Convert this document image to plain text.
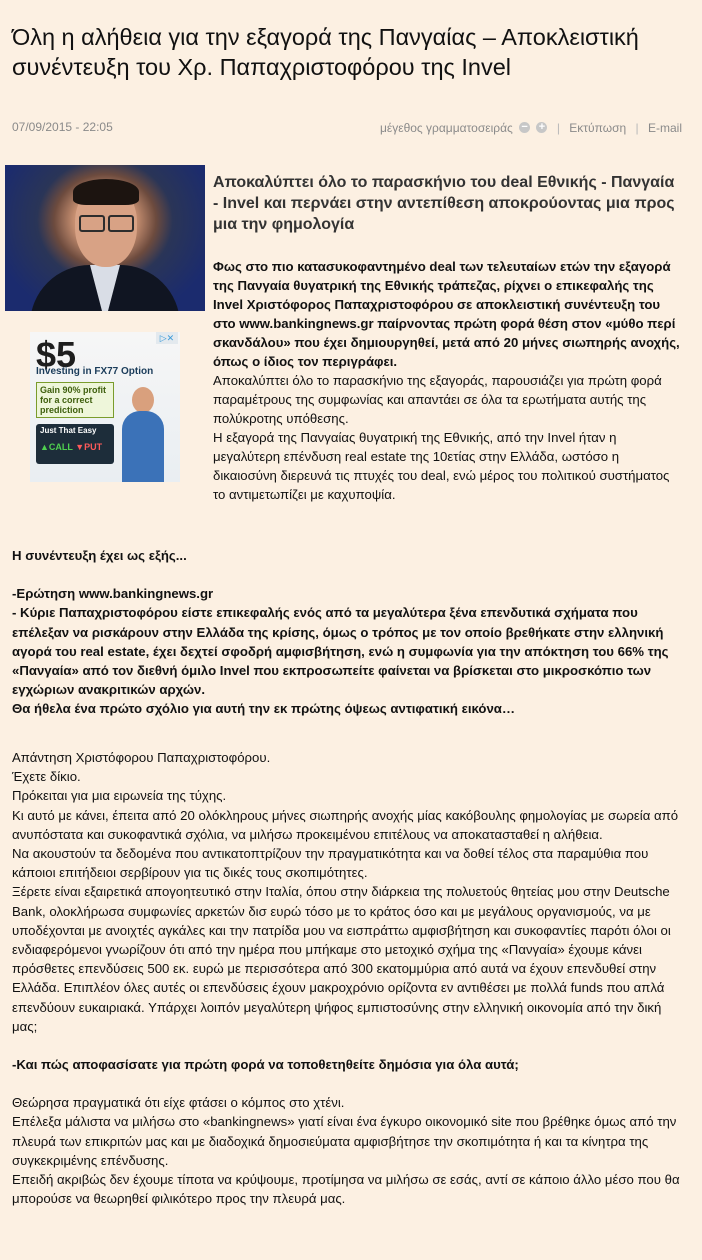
Όλη η αλήθεια για την εξαγορά της Πανγαίας – Αποκλειστική συνέντευξη του Χρ. Παπαχριστοφόρου της Invel
07/09/2015 - 22:05	μέγεθος γραμματοσειράς − + | Εκτύπωση | E-mail
$5	▷✕
Investing in FX77 Option
Gain 90% profit for a correct prediction
Just That Easy
▲CALL ▼PUT
Αποκαλύπτει όλο το παρασκήνιο του deal Εθνικής - Πανγαία - Invel και περνάει στην αντεπίθεση αποκρούοντας μια προς μια την φημολογία
Φως στο πιο κατασυκοφαντημένο deal των τελευταίων ετών την εξαγορά της Πανγαία θυγατρική της Εθνικής τράπεζας, ρίχνει ο επικεφαλής της Invel Χριστόφορος Παπαχριστοφόρου σε αποκλειστική συνέντευξη του στο www.bankingnews.gr παίρνοντας πρώτη φορά θέση στον «μύθο περί σκανδάλου» που έχει δημιουργηθεί, μετά από 20 μήνες σιωπηρής ανοχής, όπως ο ίδιος τον περιγράφει.
Αποκαλύπτει όλο το παρασκήνιο της εξαγοράς, παρουσιάζει για πρώτη φορά παραμέτρους της συμφωνίας και απαντάει σε όλα τα ερωτήματα αυτής της πολύκροτης υπόθεσης.
Η εξαγορά της Πανγαίας θυγατρική της Εθνικής, από την Invel ήταν η μεγαλύτερη επένδυση real estate της 10ετίας στην Ελλάδα, ωστόσο η δικαιοσύνη διερευνά τις πτυχές του deal, ενώ μέρος του πολιτικού συστήματος το αντιμετωπίζει με καχυποψία.

Η συνέντευξη έχει ως εξής...

-Ερώτηση www.bankingnews.gr

- Κύριε Παπαχριστοφόρου είστε επικεφαλής ενός από τα μεγαλύτερα ξένα επενδυτικά σχήματα που επέλεξαν να ρισκάρουν στην Ελλάδα της κρίσης, όμως ο τρόπος με τον οποίο βρεθήκατε στην ελληνική αγορά του real estate, έχει δεχτεί σφοδρή αμφισβήτηση, ενώ η συμφωνία για την απόκτηση του 66% της «Πανγαία» από τον διεθνή όμιλο Invel που εκπροσωπείτε φαίνεται να βρίσκεται στο μικροσκόπιο των εγχώριων ανακριτικών αρχών.

Θα ήθελα ένα πρώτο σχόλιο για αυτή την εκ πρώτης όψεως αντιφατική εικόνα…

Απάντηση Χριστόφορου Παπαχριστοφόρου.

Έχετε δίκιο.

Πρόκειται για μια ειρωνεία της τύχης.

Κι αυτό με κάνει, έπειτα από 20 ολόκληρους μήνες σιωπηρής ανοχής μίας κακόβουλης φημολογίας με σωρεία από ανυπόστατα και συκοφαντικά σχόλια, να μιλήσω προκειμένου επιτέλους να αποκατασταθεί η αλήθεια.

Να ακουστούν τα δεδομένα που αντικατοπτρίζουν την πραγματικότητα και να δοθεί τέλος στα παραμύθια που κάποιοι επιτήδειοι σερβίρουν για τις δικές τους σκοπιμότητες.

Ξέρετε είναι εξαιρετικά απογοητευτικό στην Ιταλία, όπου στην διάρκεια της πολυετούς θητείας μου στην Deutsche Bank, ολοκλήρωσα συμφωνίες αρκετών δισ ευρώ τόσο με το κράτος όσο και με μεγάλους οργανισμούς, να με υποδέχονται με ανοιχτές αγκάλες και την πατρίδα μου να εισπράττω αμφισβήτηση και συκοφαντίες παρότι όλοι οι ενδιαφερόμενοι γνωρίζουν ότι από την ημέρα που μπήκαμε στο μετοχικό σχήμα της «Πανγαία» έχουμε κάνει πρόσθετες επενδύσεις 500 εκ. ευρώ με περισσότερα από 300 εκατομμύρια από αυτά να έχουν επενδυθεί στην Ελλάδα. Επιπλέον όλες αυτές οι επενδύσεις έχουν μακροχρόνιο ορίζοντα εν αντιθέσει με πολλά funds που απλά επενδύουν ευκαιριακά. Υπάρχει λοιπόν μεγαλύτερη ψήφος εμπιστοσύνης στην ελληνική οικονομία από την δική μας;

-Και πώς αποφασίσατε για πρώτη φορά να τοποθετηθείτε δημόσια για όλα αυτά;

Θεώρησα πραγματικά ότι είχε φτάσει ο κόμπος στο χτένι.

Επέλεξα μάλιστα να μιλήσω στο «bankingnews» γιατί είναι ένα έγκυρο οικονομικό site που βρέθηκε όμως από την πλευρά των επικριτών μας και με διαδοχικά δημοσιεύματα αμφισβήτησε την σκοπιμότητα ή και τα κίνητρα της συγκεκριμένης επένδυσης.

Επειδή ακριβώς δεν έχουμε τίποτα να κρύψουμε, προτίμησα να μιλήσω σε εσάς, αντί σε κάποιο άλλο μέσο που θα μπορούσε να θεωρηθεί φιλικότερο προς την πλευρά μας.
